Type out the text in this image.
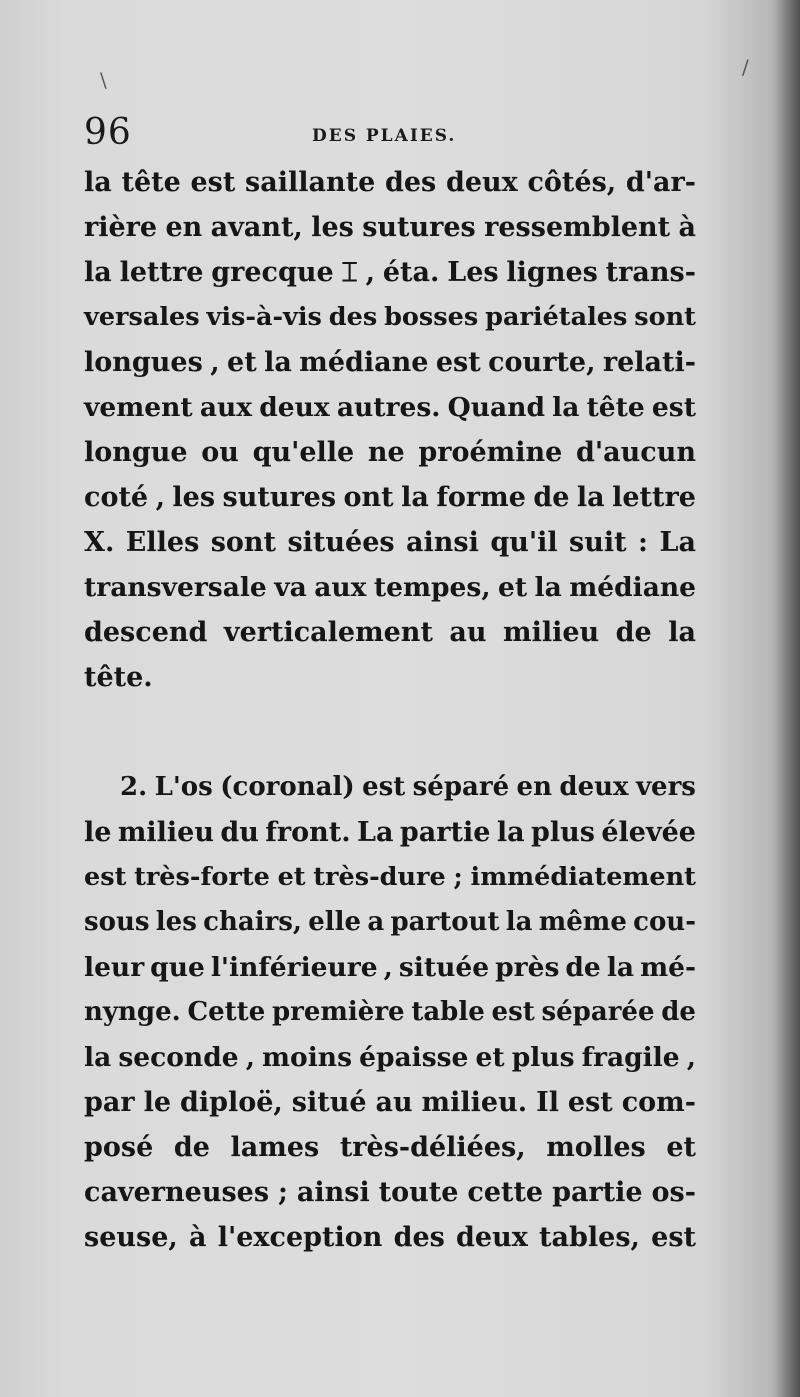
/
\
96	DES PLAIES.
la tête est saillante des deux côtés, d'ar-
rière en avant, les sutures ressemblent à
la lettre grecque ⌶ , éta. Les lignes trans-
versales vis-à-vis des bosses pariétales sont
longues , et la médiane est courte, relati-
vement aux deux autres. Quand la tête est
longue ou qu'elle ne proémine d'aucun
coté , les sutures ont la forme de la lettre
X. Elles sont situées ainsi qu'il suit : La
transversale va aux tempes, et la médiane
descend verticalement au milieu de la
tête.
2. L'os (coronal) est séparé en deux vers
le milieu du front. La partie la plus élevée
est très-forte et très-dure ; immédiatement
sous les chairs, elle a partout la même cou-
leur que l'inférieure , située près de la mé-
nynge. Cette première table est séparée de
la seconde , moins épaisse et plus fragile ,
par le diploë, situé au milieu. Il est com-
posé de lames très-déliées, molles et
caverneuses ; ainsi toute cette partie os-
seuse, à l'exception des deux tables, est
